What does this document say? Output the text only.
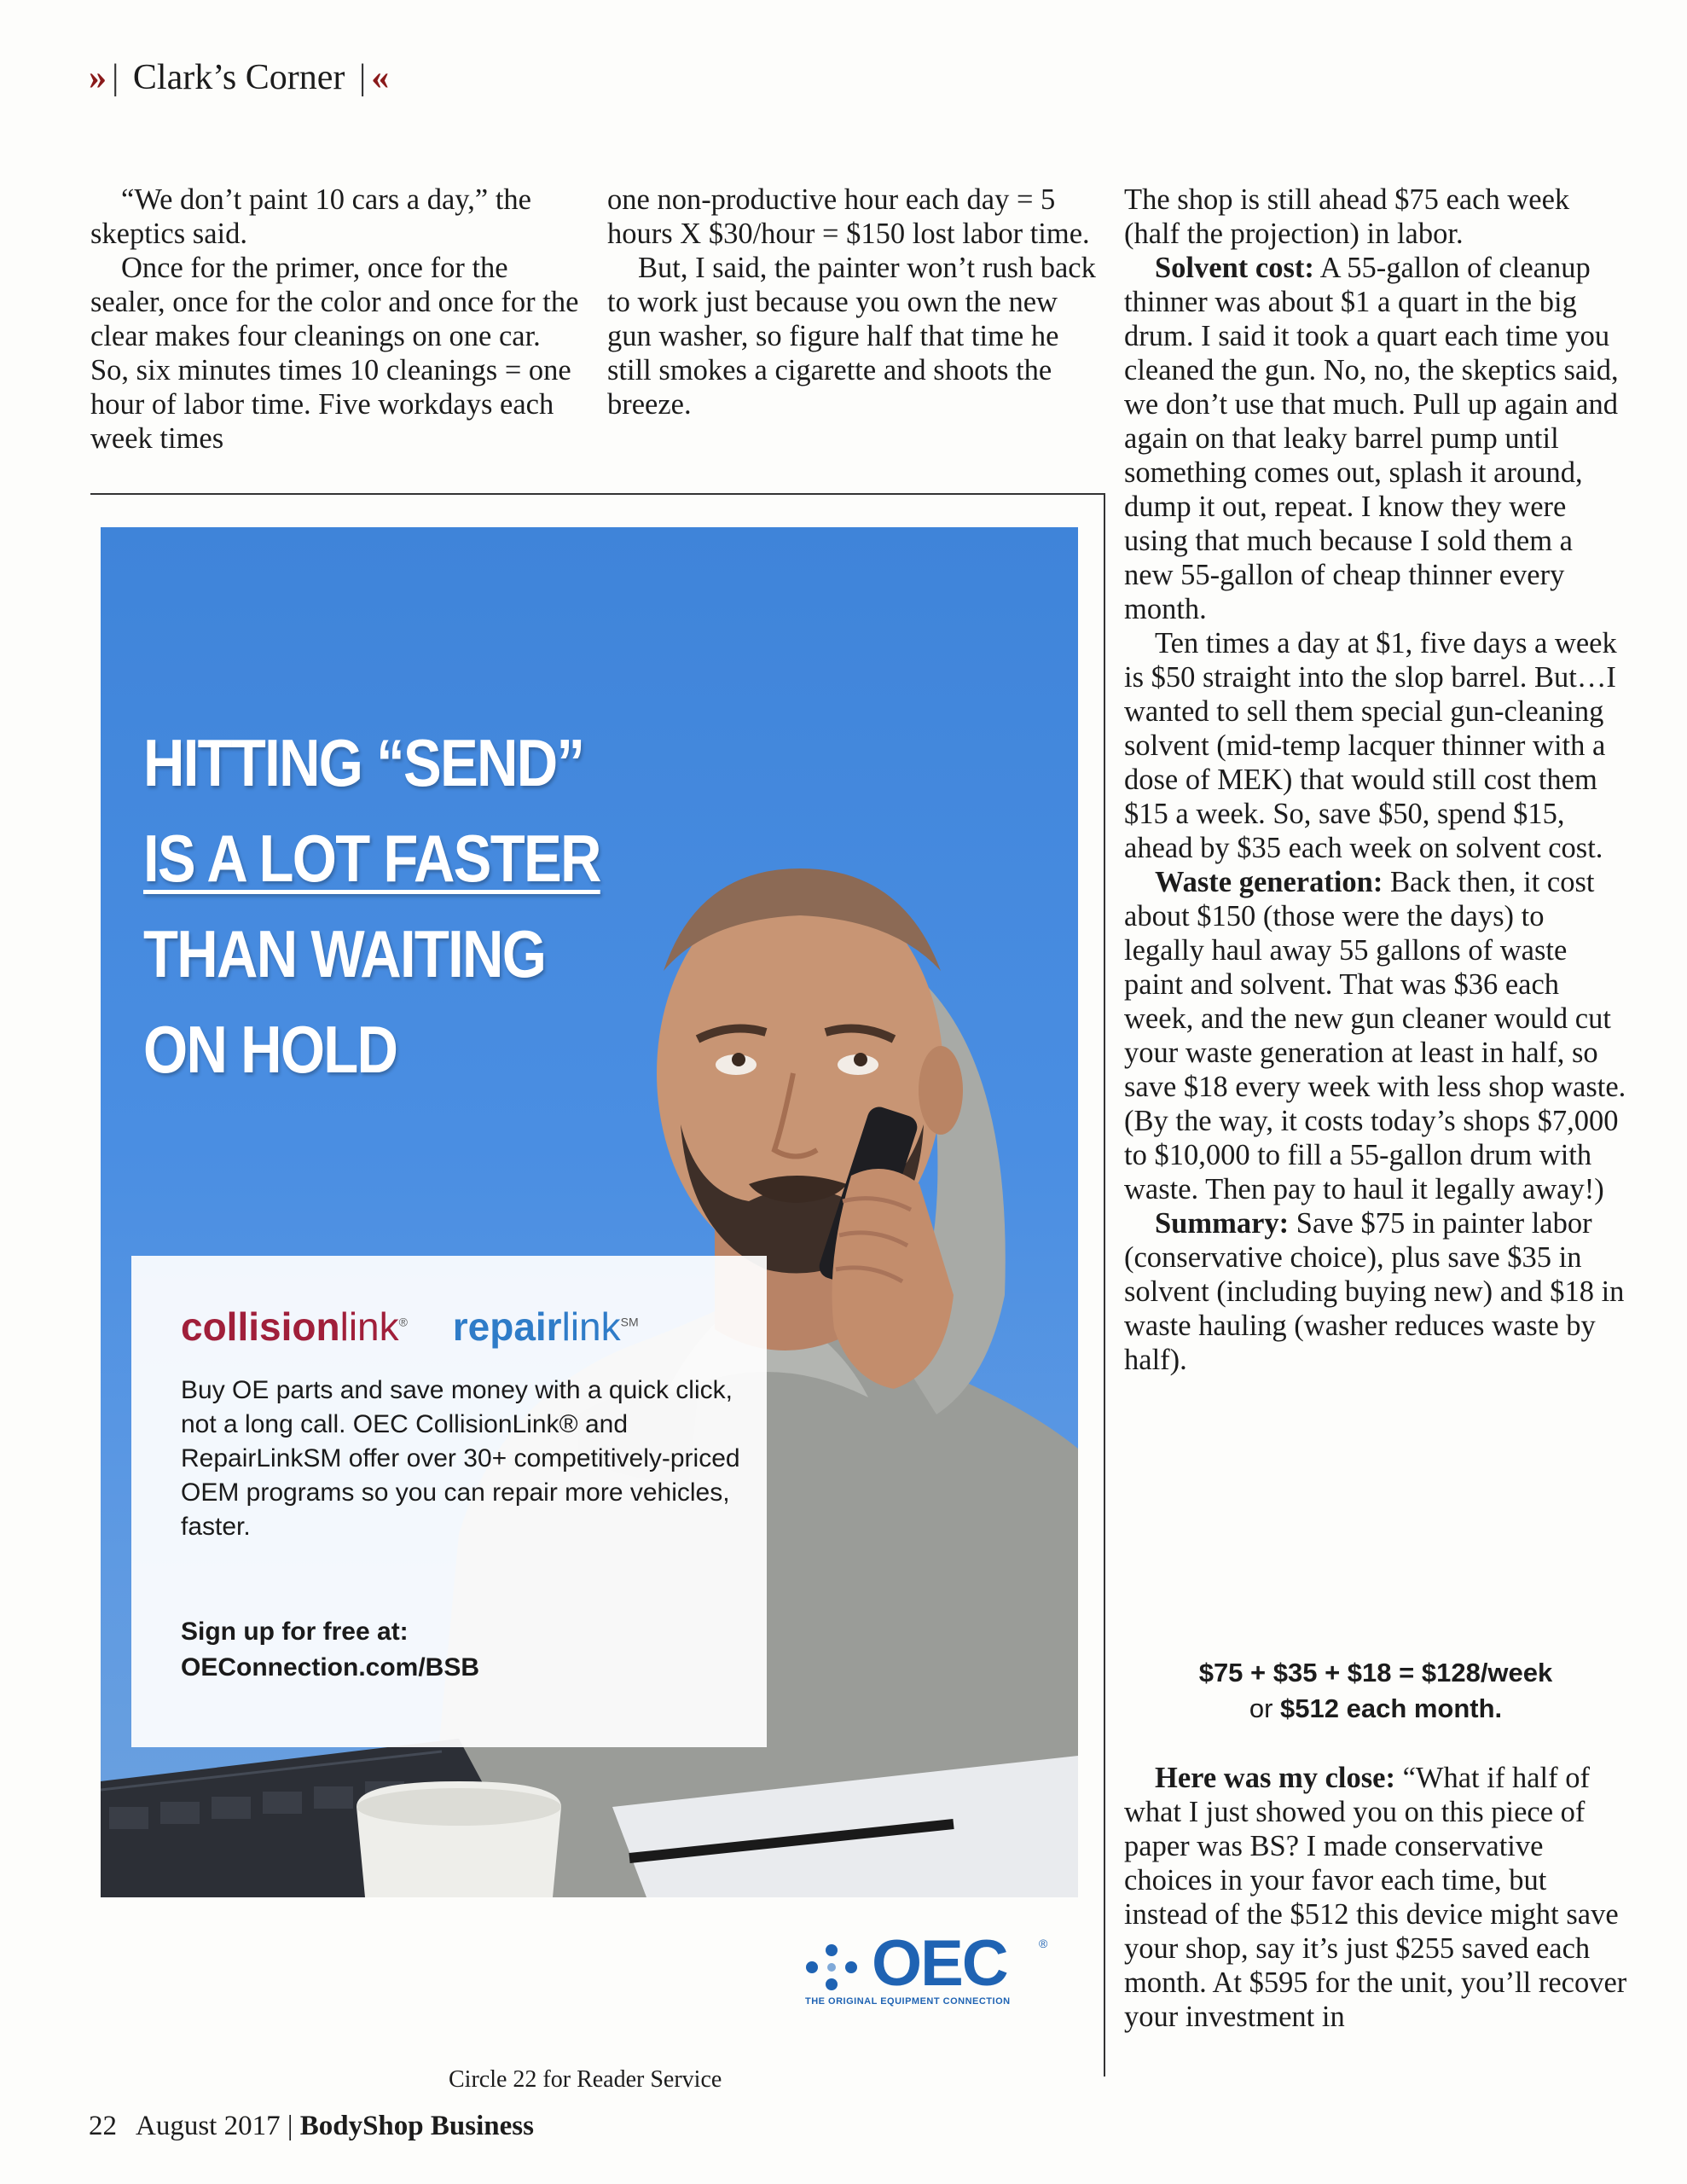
» | Clark’s Corner | «

“We don’t paint 10 cars a day,” the skeptics said.

Once for the primer, once for the sealer, once for the color and once for the clear makes four cleanings on one car. So, six minutes times 10 cleanings = one hour of labor time. Five workdays each week times

one non-productive hour each day = 5 hours X $30/hour = $150 lost labor time.

But, I said, the painter won’t rush back to work just because you own the new gun washer, so figure half that time he still smokes a cigarette and shoots the breeze.

The shop is still ahead $75 each week (half the projection) in labor.

Solvent cost: A 55-gallon of cleanup thinner was about $1 a quart in the big drum. I said it took a quart each time you cleaned the gun. No, no, the skeptics said, we don’t use that much. Pull up again and again on that leaky barrel pump until something comes out, splash it around, dump it out, repeat. I know they were using that much because I sold them a new 55-gallon of cheap thinner every month.

Ten times a day at $1, five days a week is $50 straight into the slop barrel. But…I wanted to sell them special gun-cleaning solvent (mid-temp lacquer thinner with a dose of MEK) that would still cost them $15 a week. So, save $50, spend $15, ahead by $35 each week on solvent cost.

Waste generation: Back then, it cost about $150 (those were the days) to legally haul away 55 gallons of waste paint and solvent. That was $36 each week, and the new gun cleaner would cut your waste generation at least in half, so save $18 every week with less shop waste. (By the way, it costs today’s shops $7,000 to $10,000 to fill a 55-gallon drum with waste. Then pay to haul it legally away!)

Summary: Save $75 in painter labor (conservative choice), plus save $35 in solvent (including buying new) and $18 in waste hauling (washer reduces waste by half).

$75 + $35 + $18 = $128/week
or $512 each month.

Here was my close: “What if half of what I just showed you on this piece of paper was BS? I made conservative choices in your favor each time, but instead of the $512 this device might save your shop, say it’s just $255 saved each month. At $595 for the unit, you’ll recover your investment in

HITTING “SEND”
IS A LOT FASTER
THAN WAITING
ON HOLD
collisionlink® repairlink℠
Buy OE parts and save money with a quick click, not a long call. OEC CollisionLink® and RepairLinkSM offer over 30+ competitively-priced OEM programs so you can repair more vehicles, faster.
Sign up for free at:
OEConnection.com/BSB
OEC	®
THE ORIGINAL EQUIPMENT CONNECTION
Circle 22 for Reader Service
22 August 2017 | BodyShop Business
